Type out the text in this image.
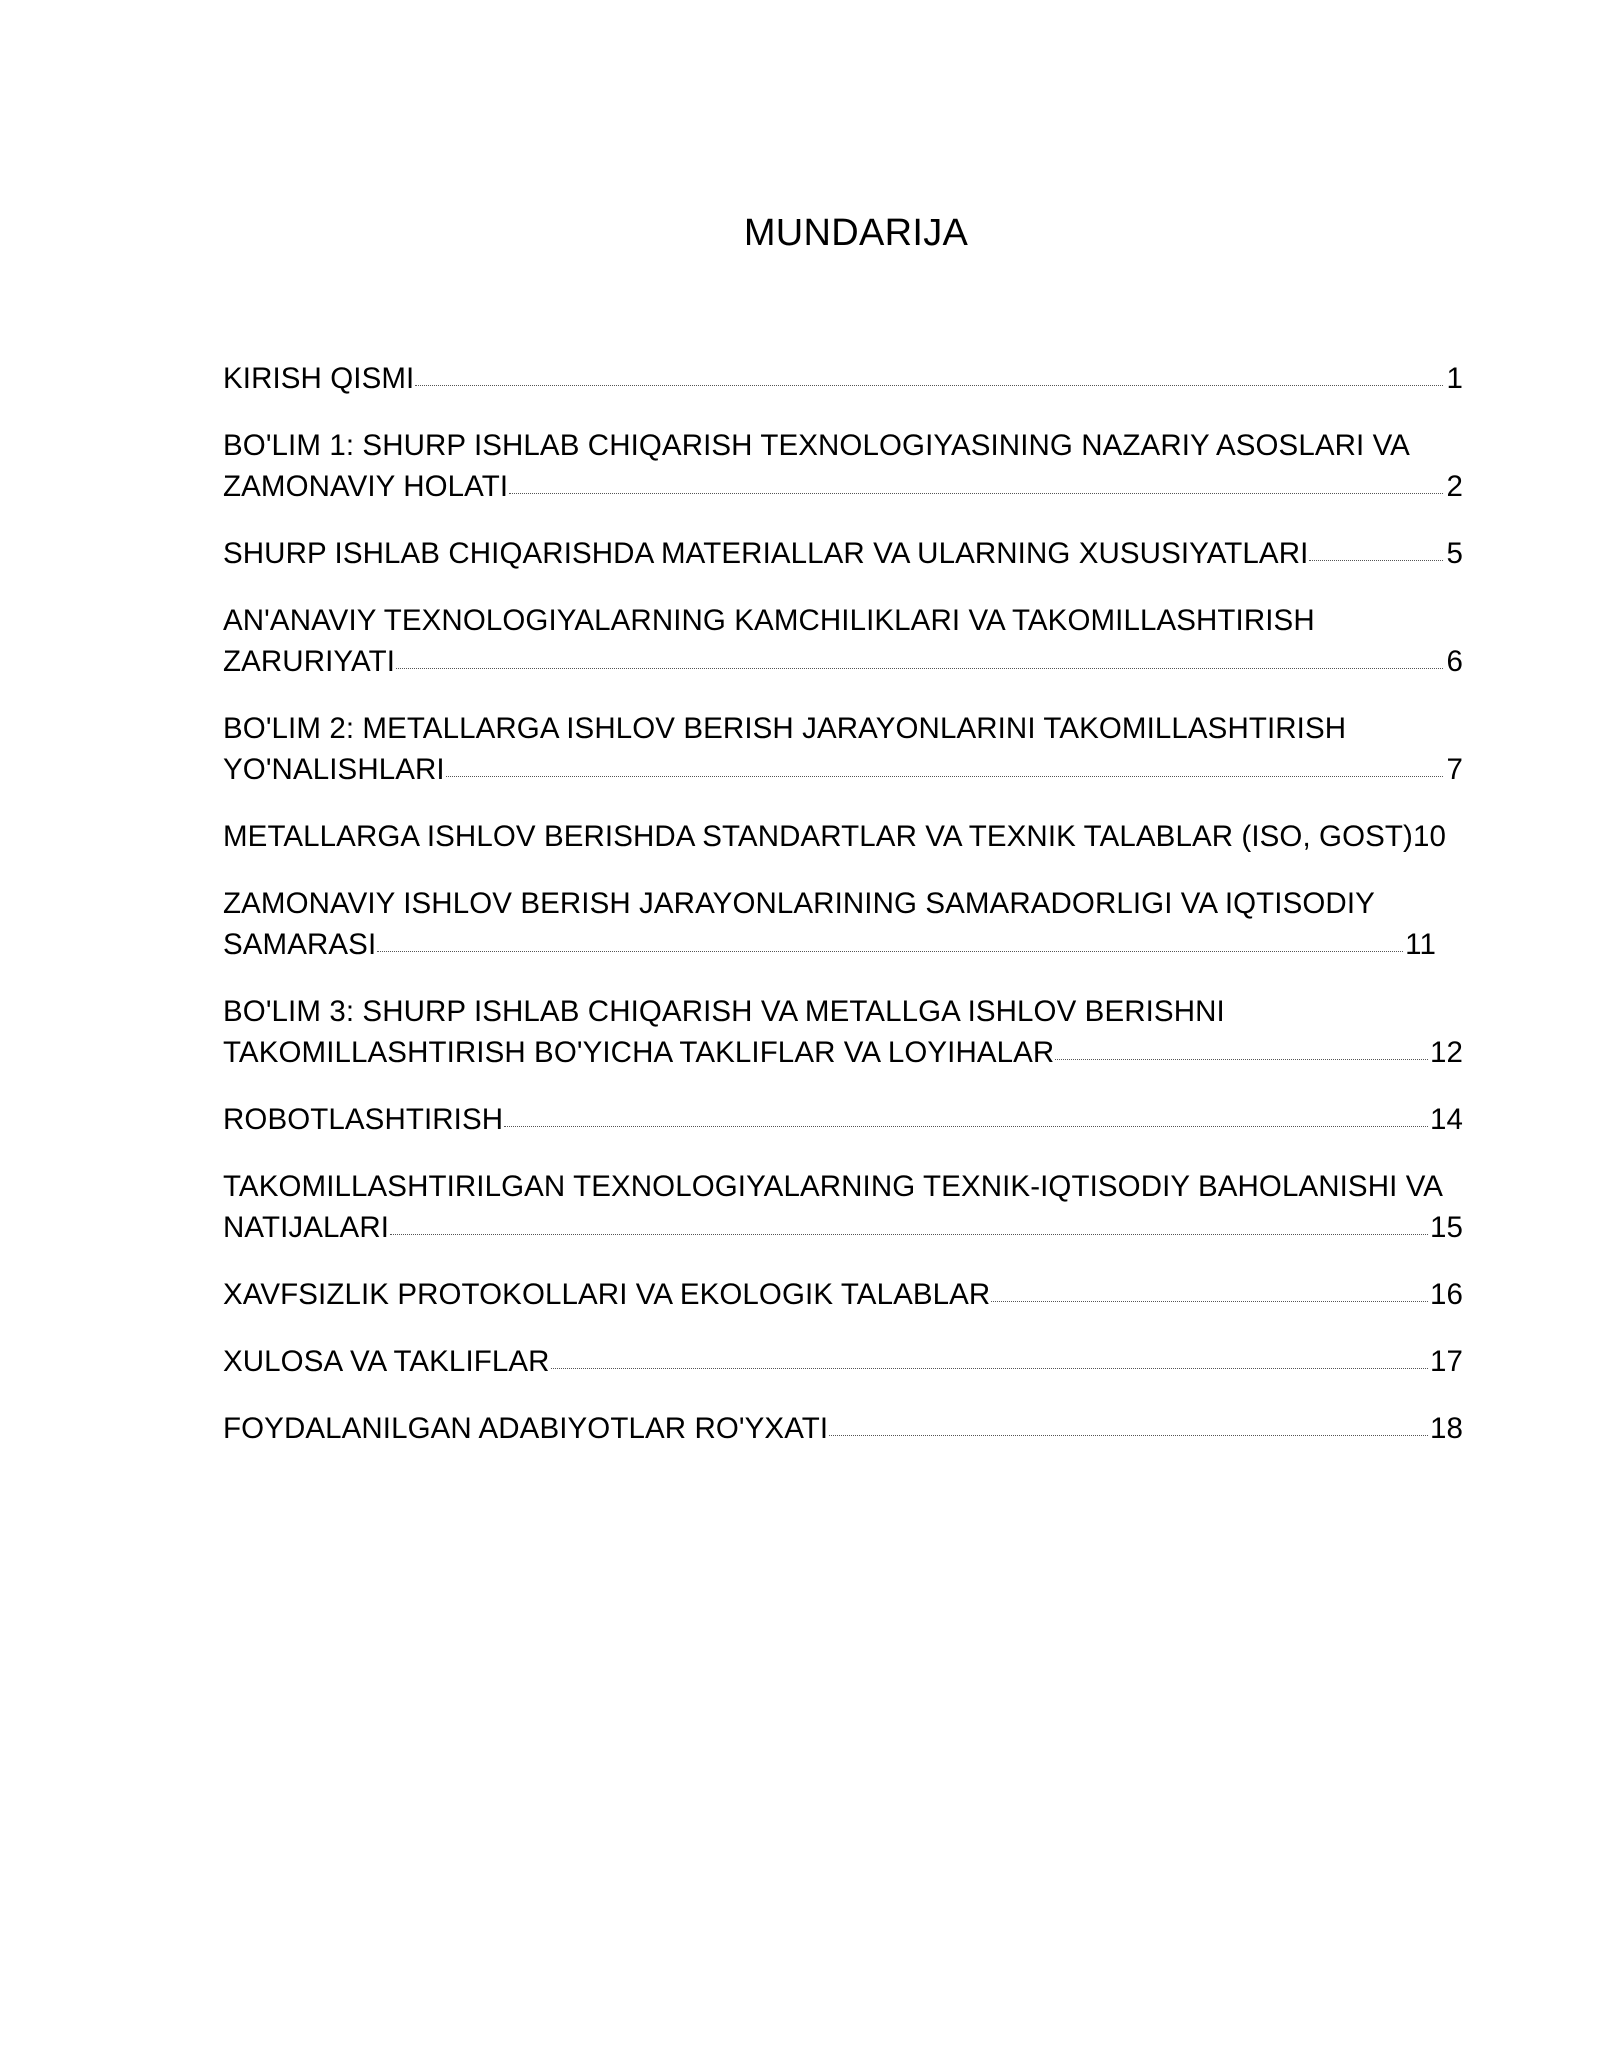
MUNDARIJA
KIRISH QISMI	1
BO'LIM 1: SHURP ISHLAB CHIQARISH TEXNOLOGIYASINING NAZARIY ASOSLARI VA
ZAMONAVIY HOLATI	2
SHURP ISHLAB CHIQARISHDA MATERIALLAR VA ULARNING XUSUSIYATLARI	5
AN'ANAVIY TEXNOLOGIYALARNING KAMCHILIKLARI VA TAKOMILLASHTIRISH
ZARURIYATI	6
BO'LIM 2: METALLARGA ISHLOV BERISH JARAYONLARINI TAKOMILLASHTIRISH
YO'NALISHLARI	7
METALLARGA ISHLOV BERISHDA STANDARTLAR VA TEXNIK TALABLAR (ISO, GOST) 10
ZAMONAVIY ISHLOV BERISH JARAYONLARINING SAMARADORLIGI VA IQTISODIY
SAMARASI	11
BO'LIM 3: SHURP ISHLAB CHIQARISH VA METALLGA ISHLOV BERISHNI
TAKOMILLASHTIRISH BO'YICHA TAKLIFLAR VA LOYIHALAR	12
ROBOTLASHTIRISH	14
TAKOMILLASHTIRILGAN TEXNOLOGIYALARNING TEXNIK-IQTISODIY BAHOLANISHI VA
NATIJALARI	15
XAVFSIZLIK PROTOKOLLARI VA EKOLOGIK TALABLAR	16
XULOSA VA TAKLIFLAR	17
FOYDALANILGAN ADABIYOTLAR RO'YXATI	18
